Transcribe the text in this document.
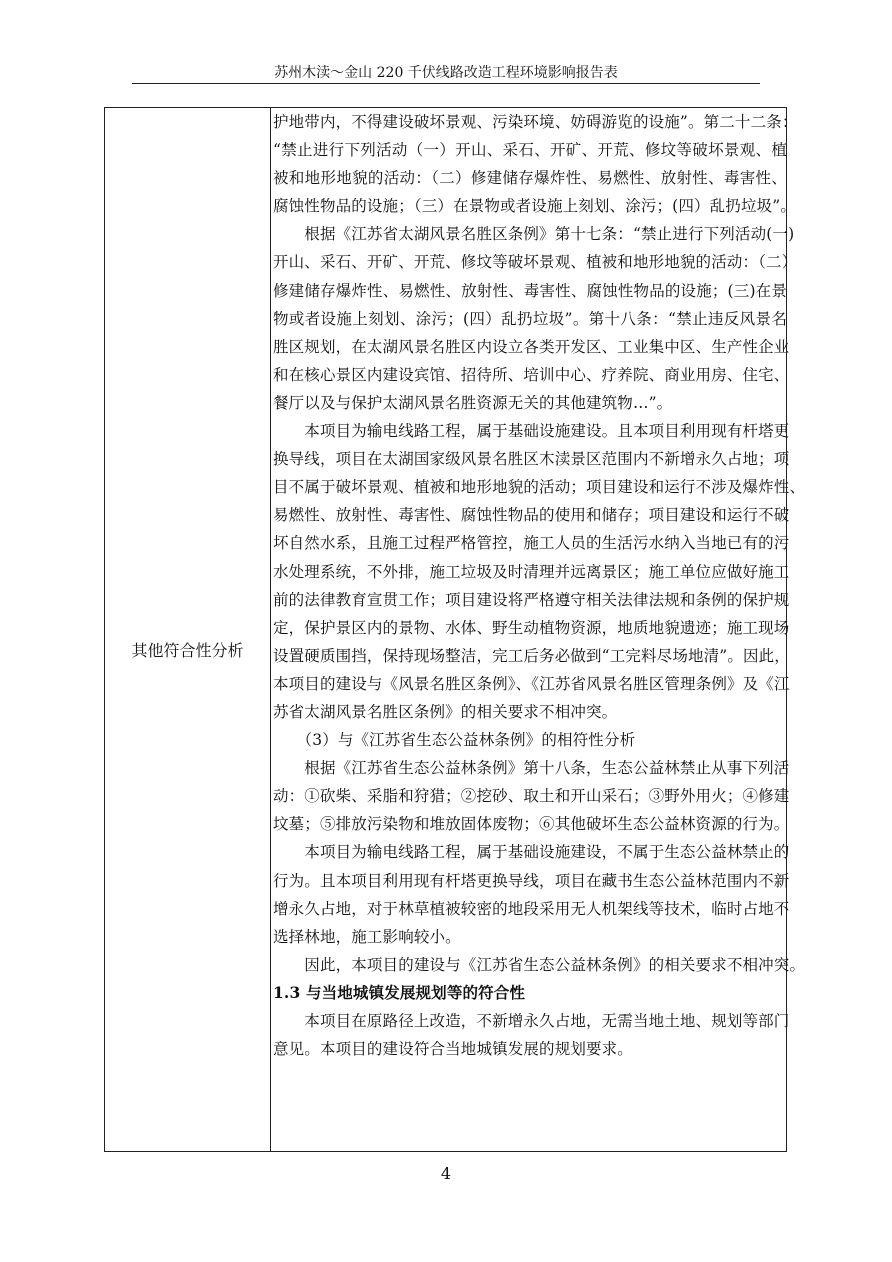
苏州木渎～金山 220 千伏线路改造工程环境影响报告表
其他符合性分析
护地带内，不得建设破坏景观、污染环境、妨碍游览的设施”。第二十二条：
“禁止进行下列活动（一）开山、采石、开矿、开荒、修坟等破坏景观、植
被和地形地貌的活动：（二）修建储存爆炸性、易燃性、放射性、毒害性、
腐蚀性物品的设施；（三）在景物或者设施上刻划、涂污；(四）乱扔垃圾”。
　　根据《江苏省太湖风景名胜区条例》第十七条：“禁止进行下列活动(一)
开山、采石、开矿、开荒、修坟等破坏景观、植被和地形地貌的活动：（二）
修建储存爆炸性、易燃性、放射性、毒害性、腐蚀性物品的设施；(三)在景
物或者设施上刻划、涂污；(四）乱扔垃圾”。第十八条：“禁止违反风景名
胜区规划，在太湖风景名胜区内设立各类开发区、工业集中区、生产性企业
和在核心景区内建设宾馆、招待所、培训中心、疗养院、商业用房、住宅、
餐厅以及与保护太湖风景名胜资源无关的其他建筑物…”。
　　本项目为输电线路工程，属于基础设施建设。且本项目利用现有杆塔更
换导线，项目在太湖国家级风景名胜区木渎景区范围内不新增永久占地；项
目不属于破坏景观、植被和地形地貌的活动；项目建设和运行不涉及爆炸性、
易燃性、放射性、毒害性、腐蚀性物品的使用和储存；项目建设和运行不破
坏自然水系，且施工过程严格管控，施工人员的生活污水纳入当地已有的污
水处理系统，不外排，施工垃圾及时清理并远离景区；施工单位应做好施工
前的法律教育宣贯工作；项目建设将严格遵守相关法律法规和条例的保护规
定，保护景区内的景物、水体、野生动植物资源，地质地貌遗迹；施工现场
设置硬质围挡，保持现场整洁，完工后务必做到“工完料尽场地清”。因此，
本项目的建设与《风景名胜区条例》、《江苏省风景名胜区管理条例》及《江
苏省太湖风景名胜区条例》的相关要求不相冲突。
　　（3）与《江苏省生态公益林条例》的相符性分析
　　根据《江苏省生态公益林条例》第十八条，生态公益林禁止从事下列活
动：①砍柴、采脂和狩猎；②挖砂、取土和开山采石；③野外用火；④修建
坟墓；⑤排放污染物和堆放固体废物；⑥其他破坏生态公益林资源的行为。
　　本项目为输电线路工程，属于基础设施建设，不属于生态公益林禁止的
行为。且本项目利用现有杆塔更换导线，项目在藏书生态公益林范围内不新
增永久占地，对于林草植被较密的地段采用无人机架线等技术，临时占地不
选择林地，施工影响较小。
　　因此，本项目的建设与《江苏省生态公益林条例》的相关要求不相冲突。
1.3 与当地城镇发展规划等的符合性
　　本项目在原路径上改造，不新增永久占地，无需当地土地、规划等部门
意见。本项目的建设符合当地城镇发展的规划要求。
4
